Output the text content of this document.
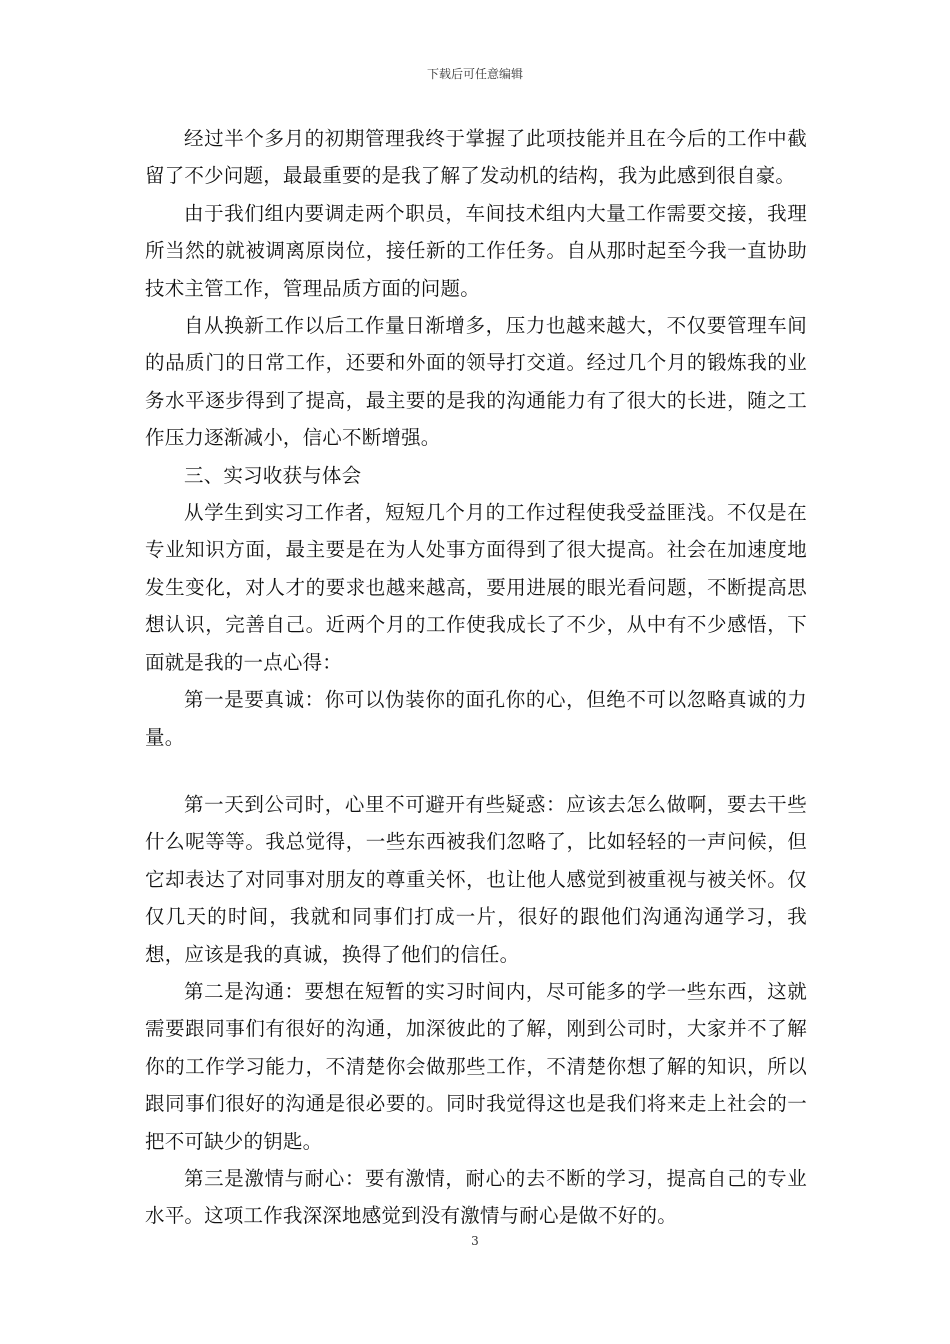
下载后可任意编辑

经过半个多月的初期管理我终于掌握了此项技能并且在今后的工作中截留了不少问题，最最重要的是我了解了发动机的结构，我为此感到很自豪。

由于我们组内要调走两个职员，车间技术组内大量工作需要交接，我理所当然的就被调离原岗位，接任新的工作任务。自从那时起至今我一直协助技术主管工作，管理品质方面的问题。

自从换新工作以后工作量日渐增多，压力也越来越大，不仅要管理车间的品质门的日常工作，还要和外面的领导打交道。经过几个月的锻炼我的业务水平逐步得到了提高，最主要的是我的沟通能力有了很大的长进，随之工作压力逐渐减小，信心不断增强。

三、实习收获与体会

从学生到实习工作者，短短几个月的工作过程使我受益匪浅。不仅是在专业知识方面，最主要是在为人处事方面得到了很大提高。社会在加速度地发生变化，对人才的要求也越来越高，要用进展的眼光看问题，不断提高思想认识，完善自己。近两个月的工作使我成长了不少，从中有不少感悟，下面就是我的一点心得：

第一是要真诚：你可以伪装你的面孔你的心，但绝不可以忽略真诚的力量。

第一天到公司时，心里不可避开有些疑惑：应该去怎么做啊，要去干些什么呢等等。我总觉得，一些东西被我们忽略了，比如轻轻的一声问候，但它却表达了对同事对朋友的尊重关怀，也让他人感觉到被重视与被关怀。仅仅几天的时间，我就和同事们打成一片，很好的跟他们沟通沟通学习，我想，应该是我的真诚，换得了他们的信任。

第二是沟通：要想在短暂的实习时间内，尽可能多的学一些东西，这就需要跟同事们有很好的沟通，加深彼此的了解，刚到公司时，大家并不了解你的工作学习能力，不清楚你会做那些工作，不清楚你想了解的知识，所以跟同事们很好的沟通是很必要的。同时我觉得这也是我们将来走上社会的一把不可缺少的钥匙。

第三是激情与耐心：要有激情，耐心的去不断的学习，提高自己的专业水平。这项工作我深深地感觉到没有激情与耐心是做不好的。

3
